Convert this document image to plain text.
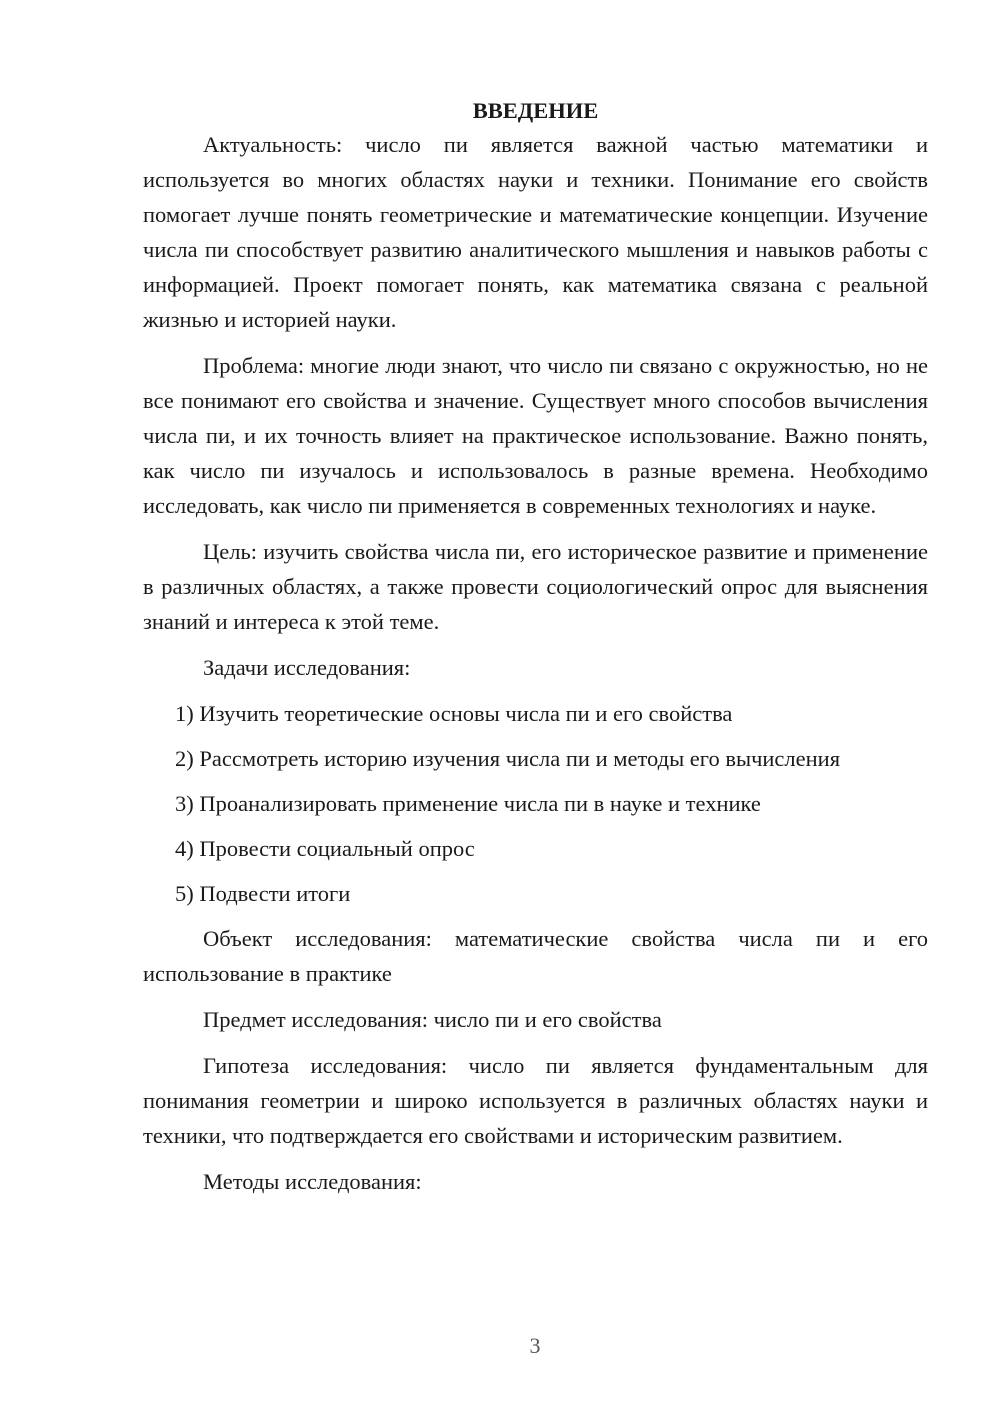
ВВЕДЕНИЕ

Актуальность: число пи является важной частью математики и используется во многих областях науки и техники. Понимание его свойств помогает лучше понять геометрические и математические концепции. Изучение числа пи способствует развитию аналитического мышления и навыков работы с информацией. Проект помогает понять, как математика связана с реальной жизнью и историей науки.

Проблема: многие люди знают, что число пи связано с окружностью, но не все понимают его свойства и значение. Существует много способов вычисления числа пи, и их точность влияет на практическое использование. Важно понять, как число пи изучалось и использовалось в разные времена. Необходимо исследовать, как число пи применяется в современных технологиях и науке.

Цель: изучить свойства числа пи, его историческое развитие и применение в различных областях, а также провести социологический опрос для выяснения знаний и интереса к этой теме.

Задачи исследования:

1) Изучить теоретические основы числа пи и его свойства

2) Рассмотреть историю изучения числа пи и методы его вычисления

3) Проанализировать применение числа пи в науке и технике

4) Провести социальный опрос

5) Подвести итоги

Объект исследования: математические свойства числа пи и его использование в практике

Предмет исследования: число пи и его свойства

Гипотеза исследования: число пи является фундаментальным для понимания геометрии и широко используется в различных областях науки и техники, что подтверждается его свойствами и историческим развитием.

Методы исследования:

3
